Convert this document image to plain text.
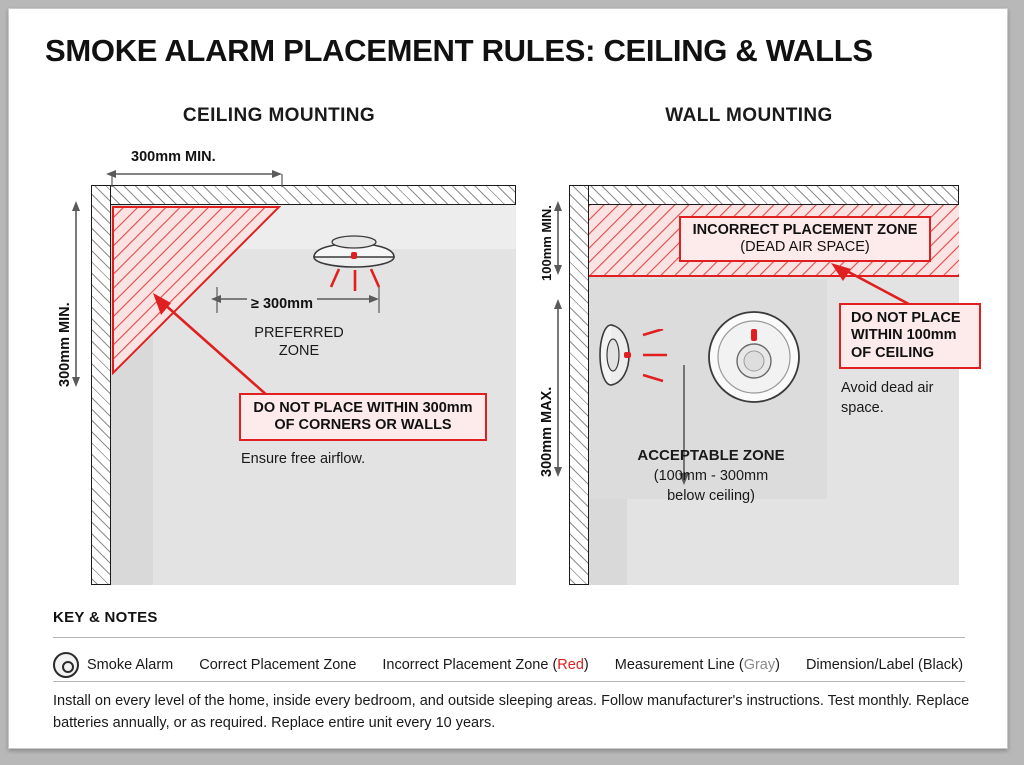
SMOKE ALARM PLACEMENT RULES: CEILING & WALLS
CEILING MOUNTING	WALL MOUNTING
300mm MIN.
300mm MIN.	≥ 300mm
PREFERRED
ZONE
DO NOT PLACE WITHIN 300mm
OF CORNERS OR WALLS
Ensure free airflow.
INCORRECT PLACEMENT ZONE
(DEAD AIR SPACE)
100mm MIN.
300mm MAX.
DO NOT PLACE
WITHIN 100mm
OF CEILING
Avoid dead air
space.
ACCEPTABLE ZONE
(100mm - 300mm
below ceiling)
KEY & NOTES
Smoke Alarm Correct Placement Zone Incorrect Placement Zone (Red) Measurement Line (Gray) Dimension/Label (Black)
Install on every level of the home, inside every bedroom, and outside sleeping areas. Follow manufacturer's instructions. Test monthly. Replace batteries annually, or as required. Replace entire unit every 10 years.
